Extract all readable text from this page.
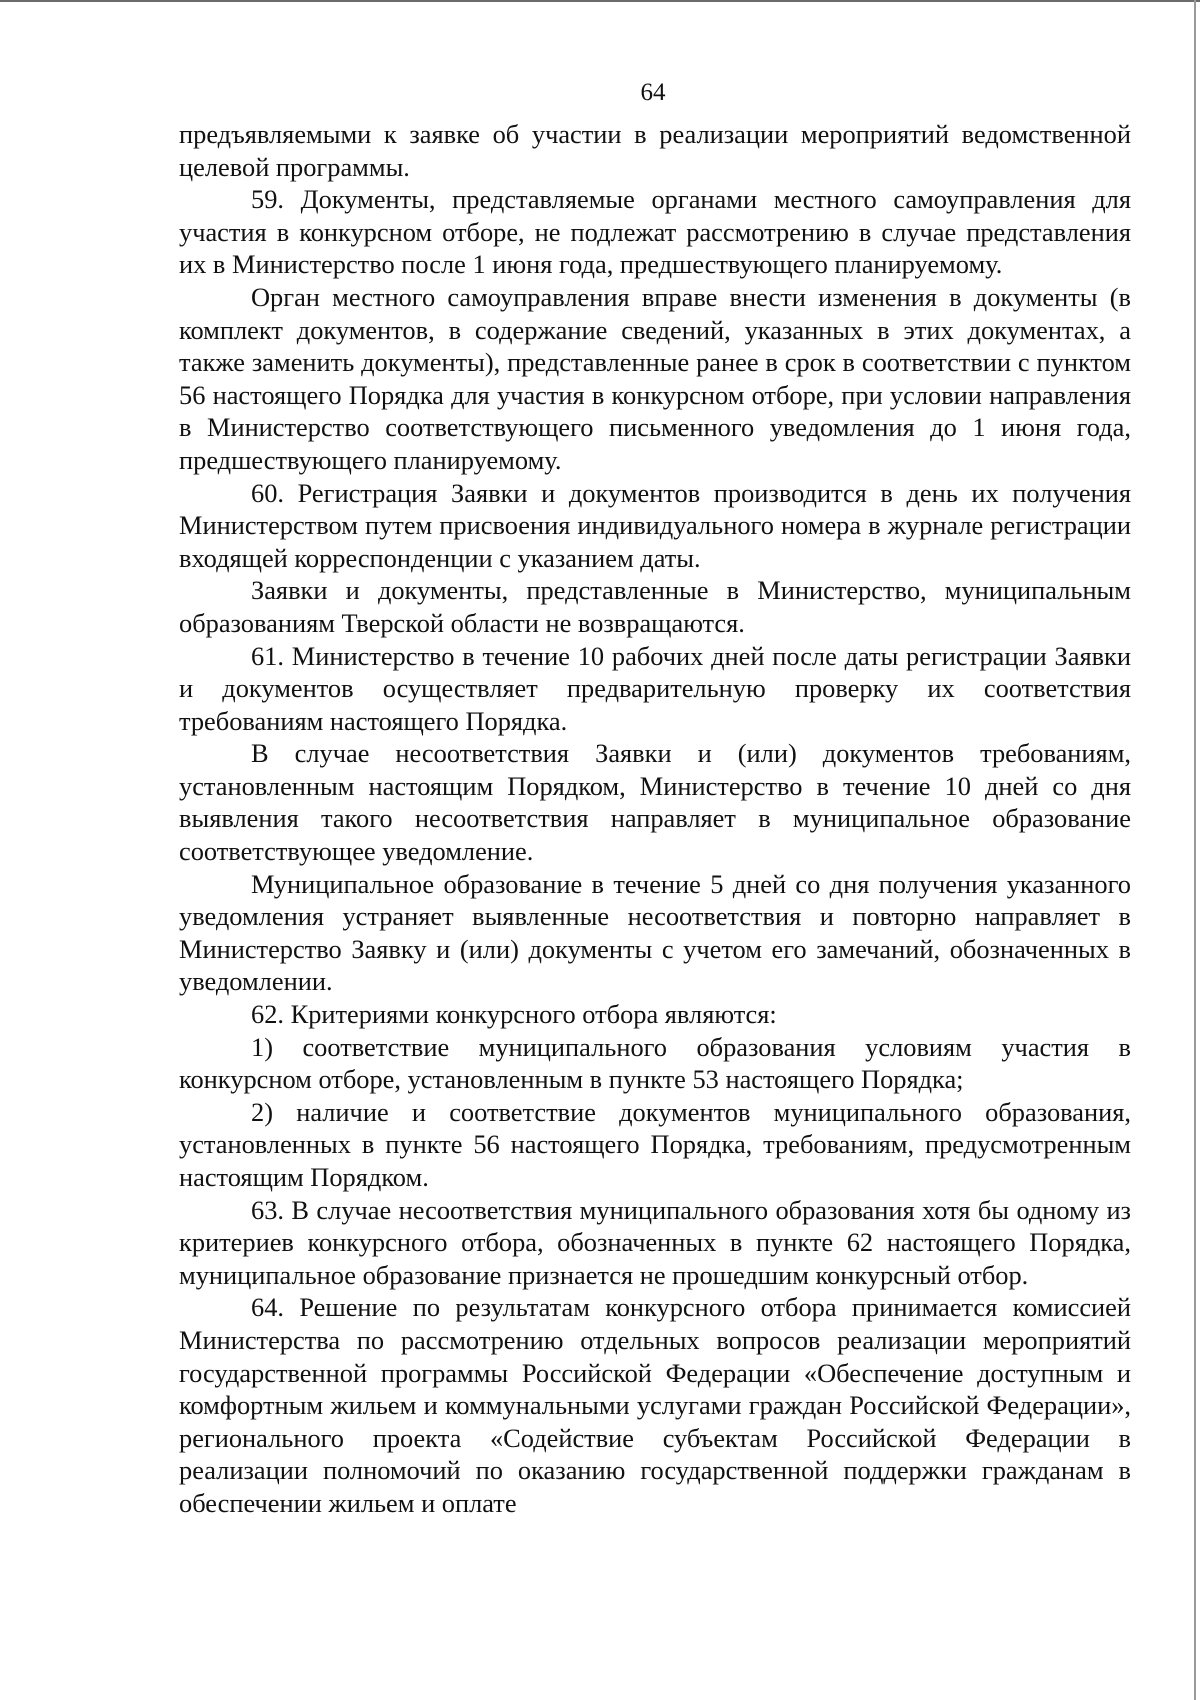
64

предъявляемыми к заявке об участии в реализации мероприятий ведомственной целевой программы.

59. Документы, представляемые органами местного самоуправления для участия в конкурсном отборе, не подлежат рассмотрению в случае представления их в Министерство после 1 июня года, предшествующего планируемому.

Орган местного самоуправления вправе внести изменения в документы (в комплект документов, в содержание сведений, указанных в этих документах, а также заменить документы), представленные ранее в срок в соответствии с пунктом 56 настоящего Порядка для участия в конкурсном отборе, при условии направления в Министерство соответствующего письменного уведомления до 1 июня года, предшествующего планируемому.

60. Регистрация Заявки и документов производится в день их получения Министерством путем присвоения индивидуального номера в журнале регистрации входящей корреспонденции с указанием даты.

Заявки и документы, представленные в Министерство, муниципальным образованиям Тверской области не возвращаются.

61. Министерство в течение 10 рабочих дней после даты регистрации Заявки и документов осуществляет предварительную проверку их соответствия требованиям настоящего Порядка.

В случае несоответствия Заявки и (или) документов требованиям, установленным настоящим Порядком, Министерство в течение 10 дней со дня выявления такого несоответствия направляет в муниципальное образование соответствующее уведомление.

Муниципальное образование в течение 5 дней со дня получения указанного уведомления устраняет выявленные несоответствия и повторно направляет в Министерство Заявку и (или) документы с учетом его замечаний, обозначенных в уведомлении.

62. Критериями конкурсного отбора являются:

1) соответствие муниципального образования условиям участия в конкурсном отборе, установленным в пункте 53 настоящего Порядка;

2) наличие и соответствие документов муниципального образования, установленных в пункте 56 настоящего Порядка, требованиям, предусмотренным настоящим Порядком.

63. В случае несоответствия муниципального образования хотя бы одному из критериев конкурсного отбора, обозначенных в пункте 62 настоящего Порядка, муниципальное образование признается не прошедшим конкурсный отбор.

64. Решение по результатам конкурсного отбора принимается комиссией Министерства по рассмотрению отдельных вопросов реализации мероприятий государственной программы Российской Федерации «Обеспечение доступным и комфортным жильем и коммунальными услугами граждан Российской Федерации», регионального проекта «Содействие субъектам Российской Федерации в реализации полномочий по оказанию государственной поддержки гражданам в обеспечении жильем и оплате
